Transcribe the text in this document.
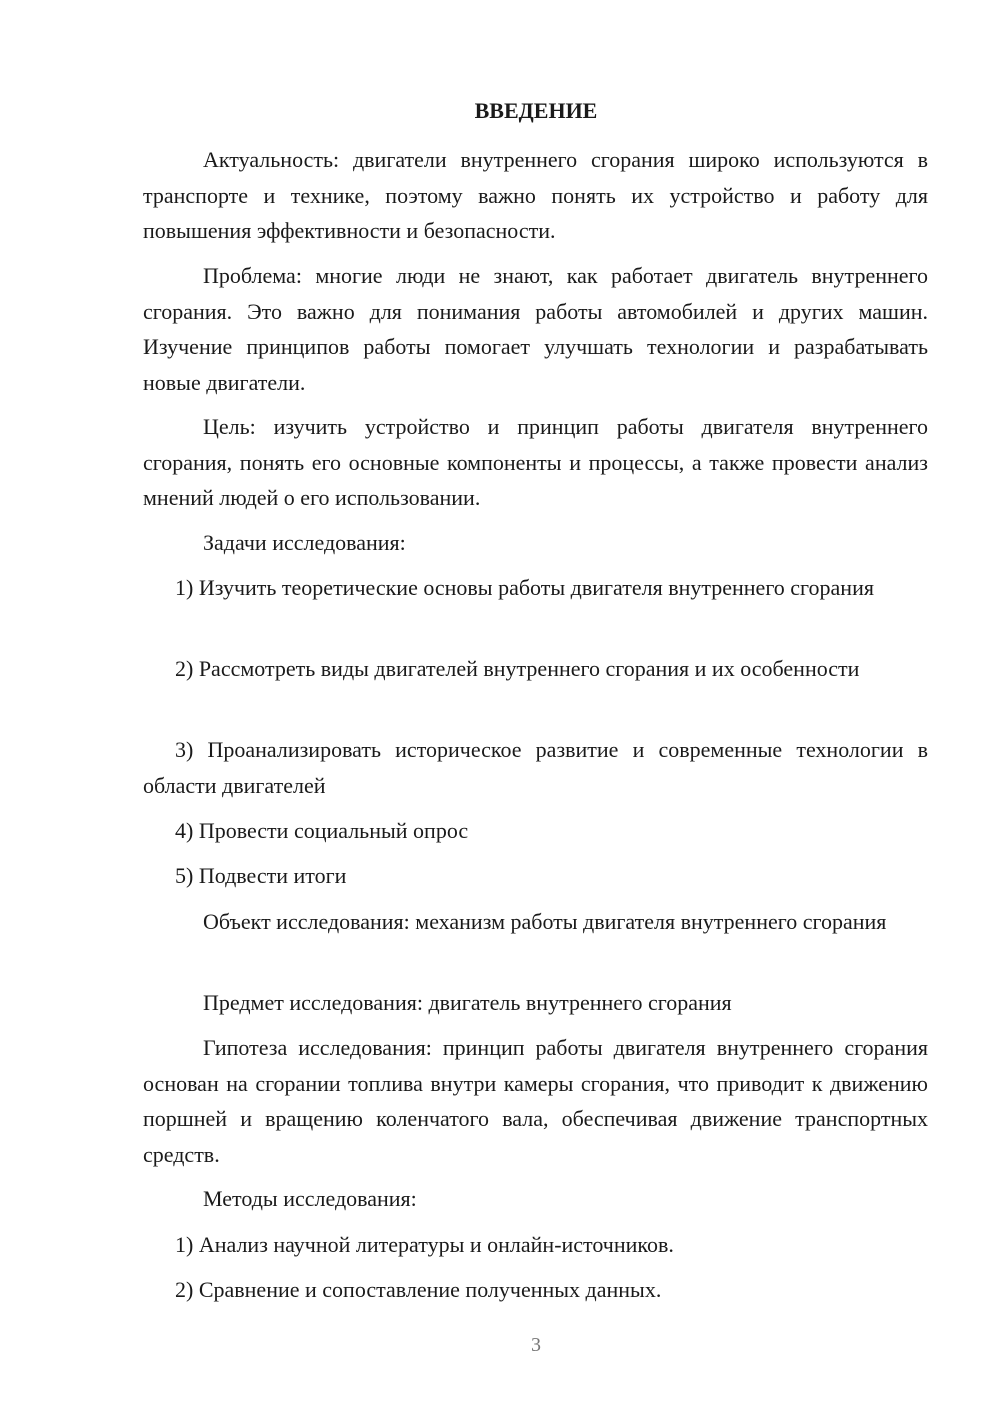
ВВЕДЕНИЕ

Актуальность: двигатели внутреннего сгорания широко используются в транспорте и технике, поэтому важно понять их устройство и работу для повышения эффективности и безопасности.

Проблема: многие люди не знают, как работает двигатель внутреннего сгорания. Это важно для понимания работы автомобилей и других машин. Изучение принципов работы помогает улучшать технологии и разрабатывать новые двигатели.

Цель: изучить устройство и принцип работы двигателя внутреннего сгорания, понять его основные компоненты и процессы, а также провести анализ мнений людей о его использовании.

Задачи исследования:

1) Изучить теоретические основы работы двигателя внутреннего сгорания

2) Рассмотреть виды двигателей внутреннего сгорания и их особенности

3) Проанализировать историческое развитие и современные технологии в области двигателей

4) Провести социальный опрос

5) Подвести итоги

Объект исследования: механизм работы двигателя внутреннего сгорания

Предмет исследования: двигатель внутреннего сгорания

Гипотеза исследования: принцип работы двигателя внутреннего сгорания основан на сгорании топлива внутри камеры сгорания, что приводит к движению поршней и вращению коленчатого вала, обеспечивая движение транспортных средств.

Методы исследования:

1) Анализ научной литературы и онлайн-источников.

2) Сравнение и сопоставление полученных данных.

3
